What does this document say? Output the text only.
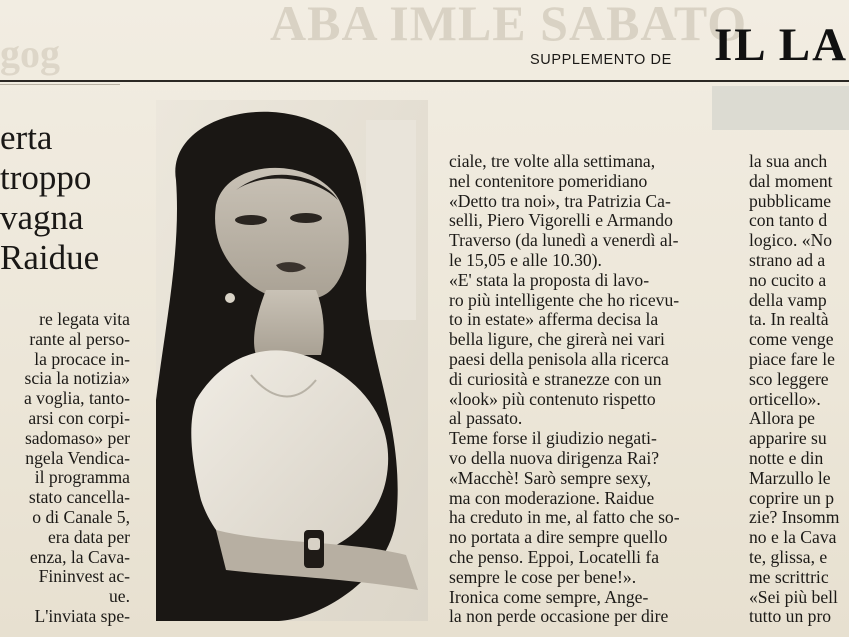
ABA IMLE SABATO
gog	SUPPLEMENTO DE IL LA
erta
troppo
vagna
Raidue

re legata vita

rante al perso-

la procace in-

scia la notizia»

a voglia, tanto-

arsi con corpi-

sadomaso» per

ngela Vendica-

il programma

stato cancella-

o di Canale 5,

era data per

enza, la Cava-

Fininvest ac-

ue.

L'inviata spe-

ciale, tre volte alla settimana,

nel contenitore pomeridiano

«Detto tra noi», tra Patrizia Ca-

selli, Piero Vigorelli e Armando

Traverso (da lunedì a venerdì al-

le 15,05 e alle 10.30).

«E' stata la proposta di lavo-

ro più intelligente che ho ricevu-

to in estate» afferma decisa la

bella ligure, che girerà nei vari

paesi della penisola alla ricerca

di curiosità e stranezze con un

«look» più contenuto rispetto

al passato.

Teme forse il giudizio negati-

vo della nuova dirigenza Rai?

«Macchè! Sarò sempre sexy,

ma con moderazione. Raidue

ha creduto in me, al fatto che so-

no portata a dire sempre quello

che penso. Eppoi, Locatelli fa

sempre le cose per bene!».

Ironica come sempre, Ange-

la non perde occasione per dire

la sua anch

dal moment

pubblicame

con tanto d

logico. «No

strano ad a

no cucito a

della vamp

ta. In realtà

come venge

piace fare le

sco leggere

orticello».

Allora pe

apparire su

notte e din

Marzullo le

coprire un p

zie? Insomm

no e la Cava

te, glissa, e

me scrittric

«Sei più bell

tutto un pro
